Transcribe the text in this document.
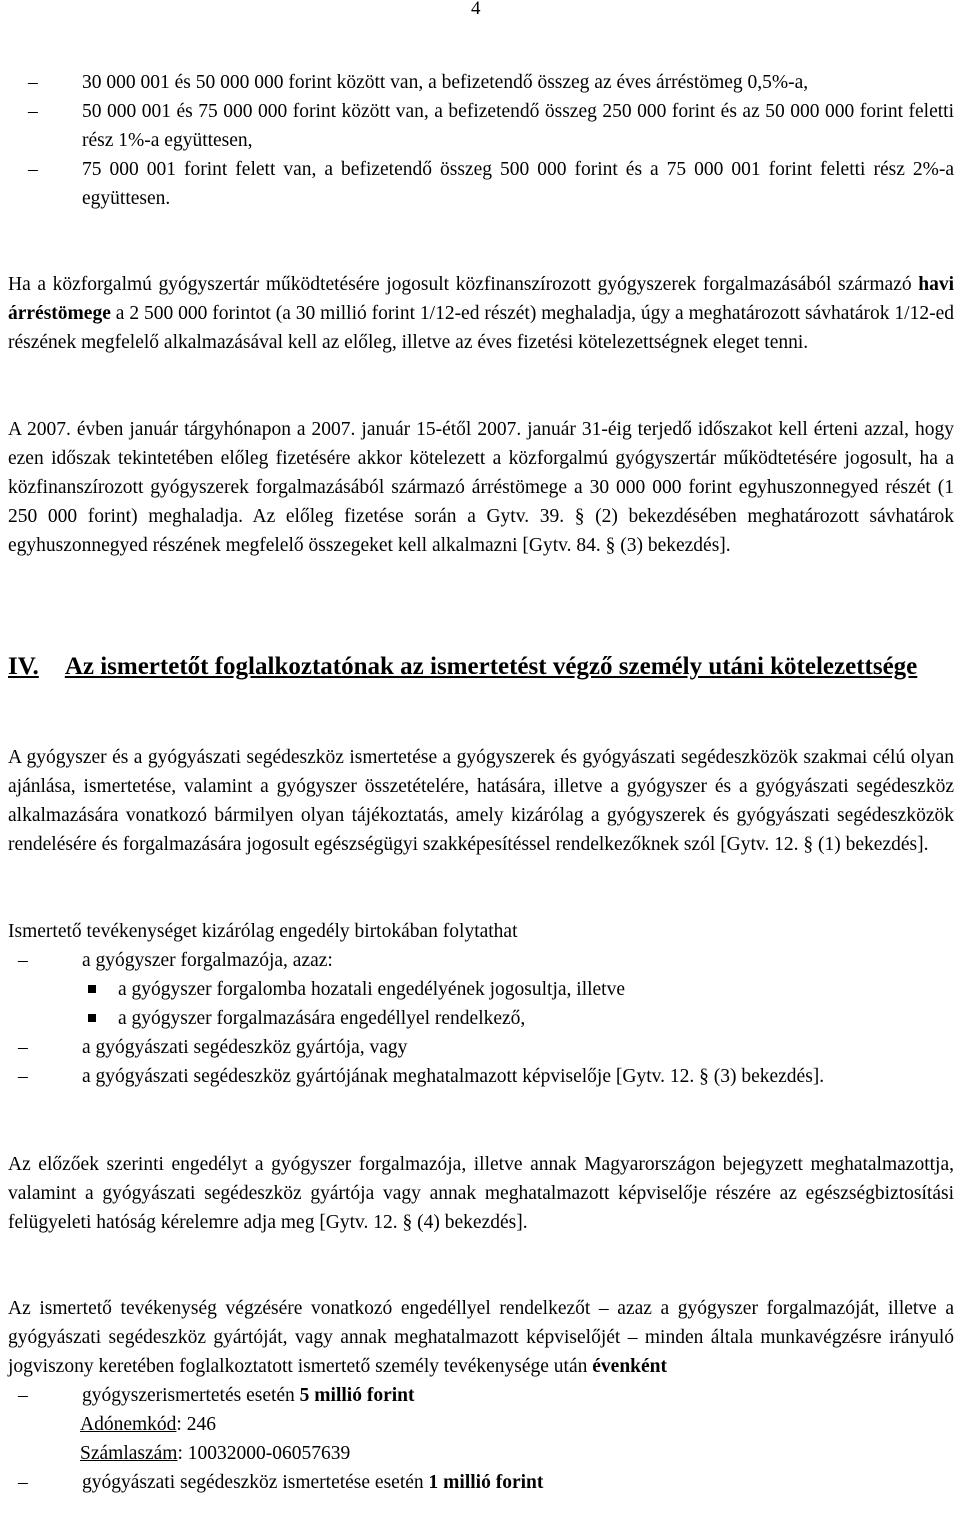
4
– 30 000 001 és 50 000 000 forint között van, a befizetendő összeg az éves árréstömeg 0,5%-a,
– 50 000 001 és 75 000 000 forint között van, a befizetendő összeg 250 000 forint és az 50 000 000 forint feletti rész 1%-a együttesen,
– 75 000 001 forint felett van, a befizetendő összeg 500 000 forint és a 75 000 001 forint feletti rész 2%-a együttesen.

Ha a közforgalmú gyógyszertár működtetésére jogosult közfinanszírozott gyógyszerek forgalmazásából származó havi árréstömege a 2 500 000 forintot (a 30 millió forint 1/12-ed részét) meghaladja, úgy a meghatározott sávhatárok 1/12-ed részének megfelelő alkalmazásával kell az előleg, illetve az éves fizetési kötelezettségnek eleget tenni.

A 2007. évben január tárgyhónapon a 2007. január 15-étől 2007. január 31-éig terjedő időszakot kell érteni azzal, hogy ezen időszak tekintetében előleg fizetésére akkor kötelezett a közforgalmú gyógyszertár működtetésére jogosult, ha a közfinanszírozott gyógyszerek forgalmazásából származó árréstömege a 30 000 000 forint egyhuszonnegyed részét (1 250 000 forint) meghaladja. Az előleg fizetése során a Gytv. 39. § (2) bekezdésében meghatározott sávhatárok egyhuszonnegyed részének megfelelő összegeket kell alkalmazni [Gytv. 84. § (3) bekezdés].

IV. Az ismertetőt foglalkoztatónak az ismertetést végző személy utáni kötelezettsége

A gyógyszer és a gyógyászati segédeszköz ismertetése a gyógyszerek és gyógyászati segédeszközök szakmai célú olyan ajánlása, ismertetése, valamint a gyógyszer összetételére, hatására, illetve a gyógyszer és a gyógyászati segédeszköz alkalmazására vonatkozó bármilyen olyan tájékoztatás, amely kizárólag a gyógyszerek és gyógyászati segédeszközök rendelésére és forgalmazására jogosult egészségügyi szakképesítéssel rendelkezőknek szól [Gytv. 12. § (1) bekezdés].

Ismertető tevékenységet kizárólag engedély birtokában folytathat

–	a gyógyszer forgalmazója, azaz:
a gyógyszer forgalomba hozatali engedélyének jogosultja, illetve
a gyógyszer forgalmazására engedéllyel rendelkező,
–	a gyógyászati segédeszköz gyártója, vagy
–	a gyógyászati segédeszköz gyártójának meghatalmazott képviselője [Gytv. 12. § (3) bekezdés].

Az előzőek szerinti engedélyt a gyógyszer forgalmazója, illetve annak Magyarországon bejegyzett meghatalmazottja, valamint a gyógyászati segédeszköz gyártója vagy annak meghatalmazott képviselője részére az egészségbiztosítási felügyeleti hatóság kérelemre adja meg [Gytv. 12. § (4) bekezdés].

Az ismertető tevékenység végzésére vonatkozó engedéllyel rendelkezőt – azaz a gyógyszer forgalmazóját, illetve a gyógyászati segédeszköz gyártóját, vagy annak meghatalmazott képviselőjét – minden általa munkavégzésre irányuló jogviszony keretében foglalkoztatott ismertető személy tevékenysége után évenként

–	gyógyszerismertetés esetén 5 millió forint
Adónemkód: 246
Számlaszám: 10032000-06057639
–	gyógyászati segédeszköz ismertetése esetén 1 millió forint
